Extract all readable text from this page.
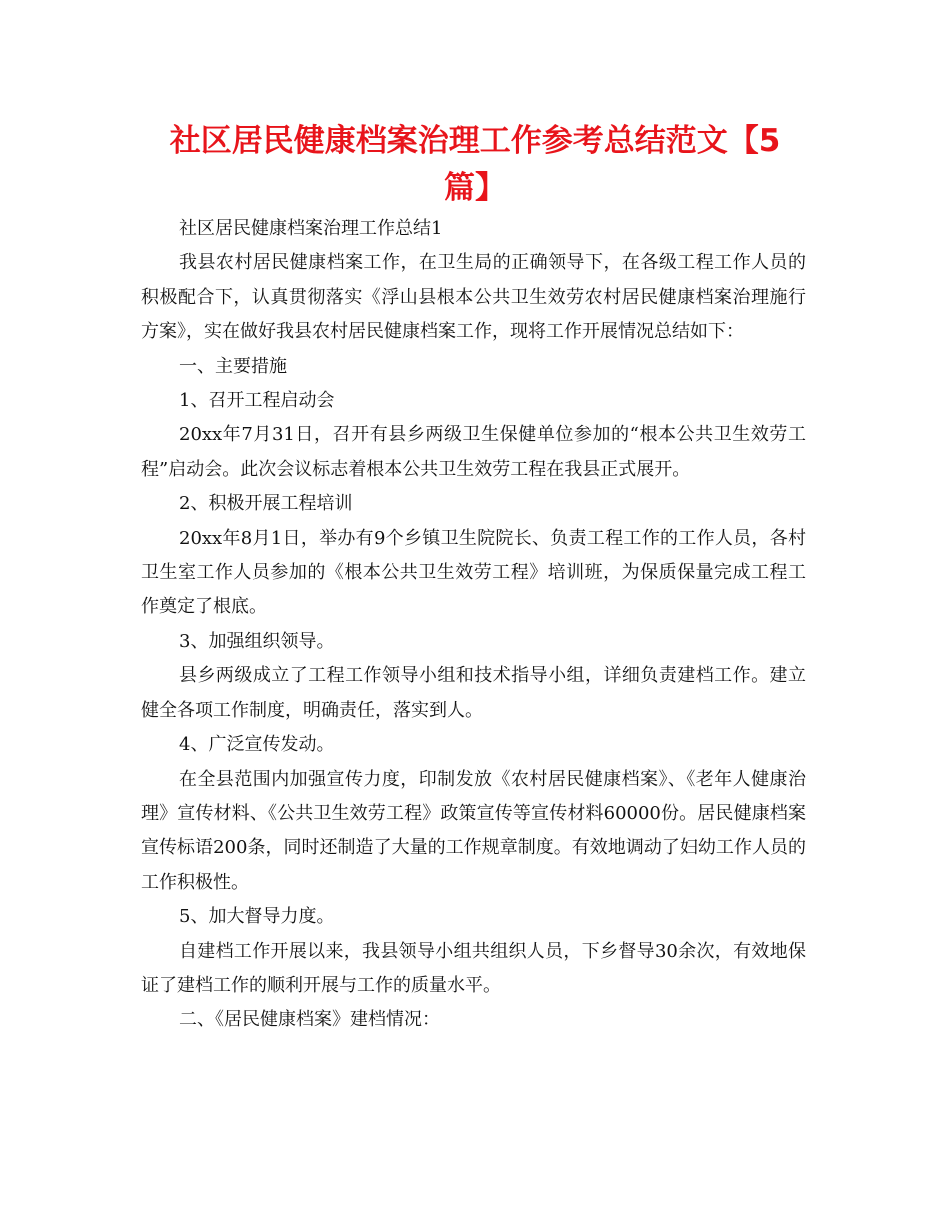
社区居民健康档案治理工作参考总结范文【5篇】

社区居民健康档案治理工作总结1

我县农村居民健康档案工作，在卫生局的正确领导下，在各级工程工作人员的积极配合下，认真贯彻落实《浮山县根本公共卫生效劳农村居民健康档案治理施行方案》，实在做好我县农村居民健康档案工作，现将工作开展情况总结如下：

一、主要措施

1、召开工程启动会

20xx年7月31日，召开有县乡两级卫生保健单位参加的“根本公共卫生效劳工程”启动会。此次会议标志着根本公共卫生效劳工程在我县正式展开。

2、积极开展工程培训

20xx年8月1日，举办有9个乡镇卫生院院长、负责工程工作的工作人员，各村卫生室工作人员参加的《根本公共卫生效劳工程》培训班，为保质保量完成工程工作奠定了根底。

3、加强组织领导。

县乡两级成立了工程工作领导小组和技术指导小组，详细负责建档工作。建立健全各项工作制度，明确责任，落实到人。

4、广泛宣传发动。

在全县范围内加强宣传力度，印制发放《农村居民健康档案》、《老年人健康治理》宣传材料、《公共卫生效劳工程》政策宣传等宣传材料60000份。居民健康档案宣传标语200条，同时还制造了大量的工作规章制度。有效地调动了妇幼工作人员的工作积极性。

5、加大督导力度。

自建档工作开展以来，我县领导小组共组织人员，下乡督导30余次，有效地保证了建档工作的顺利开展与工作的质量水平。

二、《居民健康档案》建档情况：
